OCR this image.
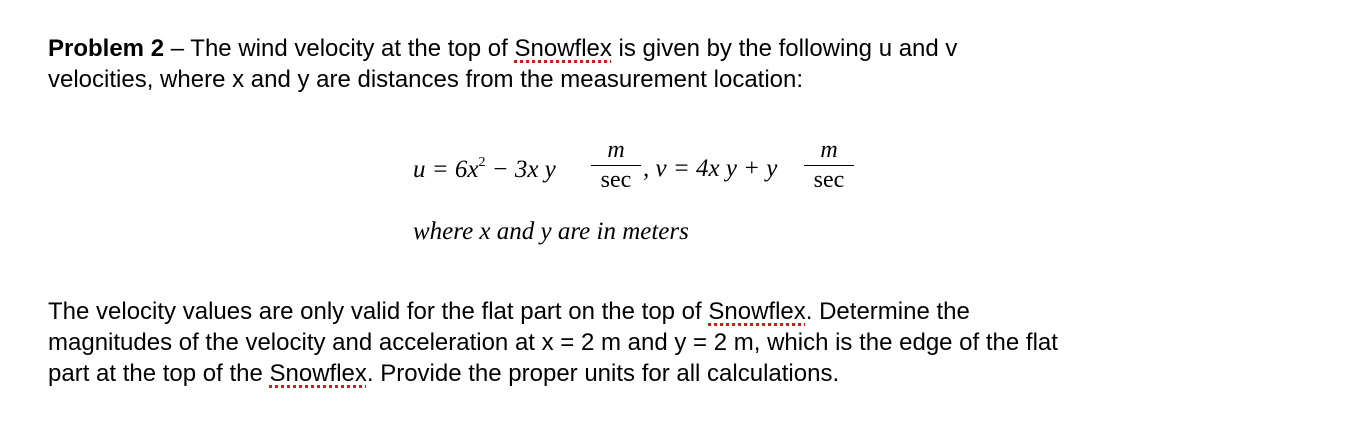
Problem 2 – The wind velocity at the top of Snowflex is given by the following u and v
velocities, where x and y are distances from the measurement location:

$u = 6x^2 - 3x$ y
m
sec , v = 4x y + y
m
sec
where x and y are in meters

The velocity values are only valid for the flat part on the top of Snowflex. Determine the
magnitudes of the velocity and acceleration at x = 2 m and y = 2 m, which is the edge of the flat
part at the top of the Snowflex. Provide the proper units for all calculations.
